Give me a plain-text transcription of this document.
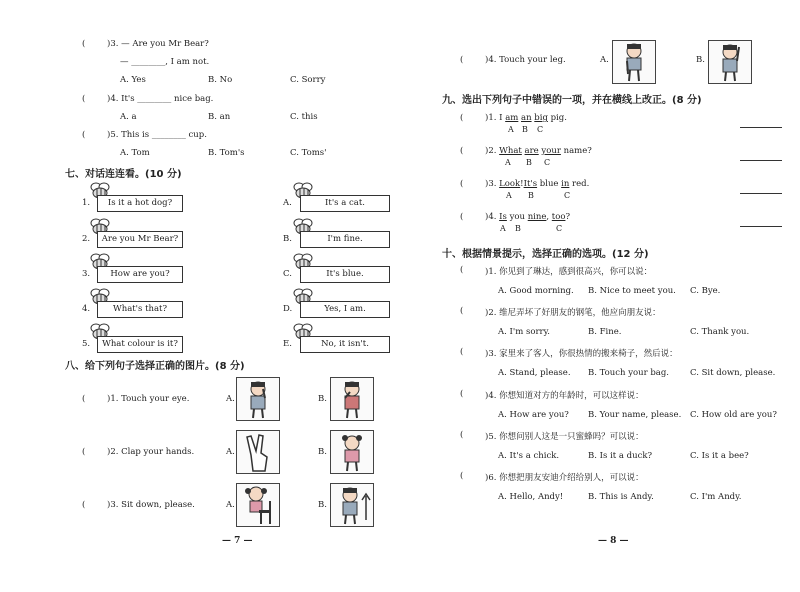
(	)3. — Are you Mr Bear?
— ________, I am not.
A. Yes	B. No	C. Sorry
(	)4. It's ________ nice bag.
A. a	B. an	C. this
(	)5. This is ________ cup.
A. Tom	B. Tom's	C. Toms'
七、对话连连看。(10 分)
1.	Is it a hot dog?
2.	Are you Mr Bear?
3.	How are you?
4.	What's that?
5.	What colour is it?
A.	It's a cat.
B.	I'm fine.
C.	It's blue.
D.	Yes, I am.
E.	No, it isn't.
八、给下列句子选择正确的图片。(8 分)
(	)1. Touch your eye.	A.	B.
(	)2. Clap your hands.	A.	B.
(	)3. Sit down, please.	A.	B.
— 7 —
(	)4. Touch your leg.	A.	B.
九、选出下列句子中错误的一项，并在横线上改正。(8 分)
(	)1. I am an big pig.
A B C
(	)2. What are your name?
A B C
(	)3. Look!It's blue in red.
A B	C
(	)4. Is you nine, too?
A B	C
十、根据情景提示，选择正确的选项。(12 分)
(	)1. 你见到了琳达，感到很高兴，你可以说：
A. Good morning. B. Nice to meet you. C. Bye.
(	)2. 维尼弄坏了好朋友的钢笔，他应向朋友说：
A. I'm sorry.	B. Fine.	C. Thank you.
(	)3. 家里来了客人，你很热情的搬来椅子，然后说：
A. Stand, please. B. Touch your bag. C. Sit down, please.
(	)4. 你想知道对方的年龄时，可以这样说：
A. How are you? B. Your name, please. C. How old are you?
(	)5. 你想问别人这是一只蜜蜂吗？可以说：
A. It's a chick.	B. Is it a duck?	C. Is it a bee?
(	)6. 你想把朋友安迪介绍给别人，可以说：
A. Hello, Andy!	B. This is Andy.	C. I'm Andy.
— 8 —
